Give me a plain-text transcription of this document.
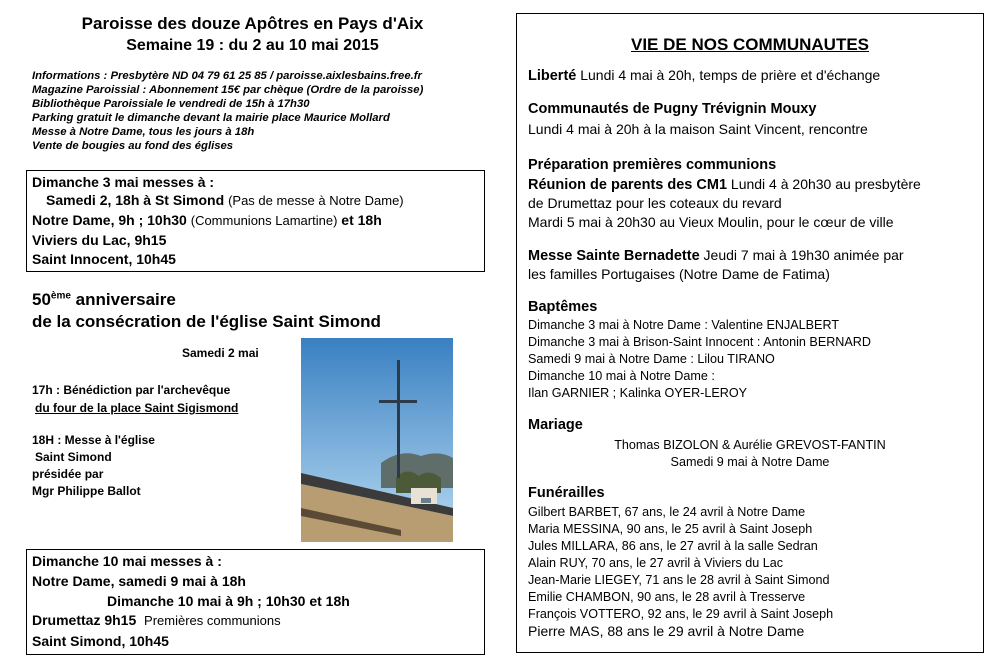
Paroisse des douze Apôtres en Pays d'Aix
Semaine 19 : du 2 au 10 mai 2015
Informations : Presbytère ND 04 79 61 25 85 / paroisse.aixlesbains.free.fr
Magazine Paroissial : Abonnement 15€ par chèque (Ordre de la paroisse)
Bibliothèque Paroissiale le vendredi de 15h à 17h30
Parking gratuit le dimanche devant la mairie place Maurice Mollard
Messe à Notre Dame, tous les jours à 18h
Vente de bougies au fond des églises
Dimanche 3 mai messes à :
Samedi 2, 18h à St Simond (Pas de messe à Notre Dame)
Notre Dame, 9h ; 10h30 (Communions Lamartine) et 18h
Viviers du Lac, 9h15
Saint Innocent, 10h45
50ème anniversaire
de la consécration de l'église Saint Simond
Samedi 2 mai
17h : Bénédiction par l'archevêque
du four de la place Saint Sigismond
18H : Messe à l'église
Saint Simond
présidée par
Mgr Philippe Ballot
Dimanche 10 mai messes à :
Notre Dame, samedi 9 mai à 18h
Dimanche 10 mai à 9h ; 10h30 et 18h
Drumettaz 9h15 Premières communions
Saint Simond, 10h45
VIE DE NOS COMMUNAUTES
Liberté Lundi 4 mai à 20h, temps de prière et d'échange
Communautés de Pugny Trévignin Mouxy
Lundi 4 mai à 20h à la maison Saint Vincent, rencontre
Préparation premières communions
Réunion de parents des CM1 Lundi 4 à 20h30 au presbytère
de Drumettaz pour les coteaux du revard
Mardi 5 mai à 20h30 au Vieux Moulin, pour le cœur de ville
Messe Sainte Bernadette Jeudi 7 mai à 19h30 animée par
les familles Portugaises (Notre Dame de Fatima)
Baptêmes
Dimanche 3 mai à Notre Dame : Valentine ENJALBERT
Dimanche 3 mai à Brison-Saint Innocent : Antonin BERNARD
Samedi 9 mai à Notre Dame : Lilou TIRANO
Dimanche 10 mai à Notre Dame :
Ilan GARNIER ; Kalinka OYER-LEROY
Mariage
Thomas BIZOLON & Aurélie GREVOST-FANTIN
Samedi 9 mai à Notre Dame
Funérailles
Gilbert BARBET, 67 ans, le 24 avril à Notre Dame
Maria MESSINA, 90 ans, le 25 avril à Saint Joseph
Jules MILLARA, 86 ans, le 27 avril à la salle Sedran
Alain RUY, 70 ans, le 27 avril à Viviers du Lac
Jean-Marie LIEGEY, 71 ans le 28 avril à Saint Simond
Emilie CHAMBON, 90 ans, le 28 avril à Tresserve
François VOTTERO, 92 ans, le 29 avril à Saint Joseph
Pierre MAS, 88 ans le 29 avril à Notre Dame
